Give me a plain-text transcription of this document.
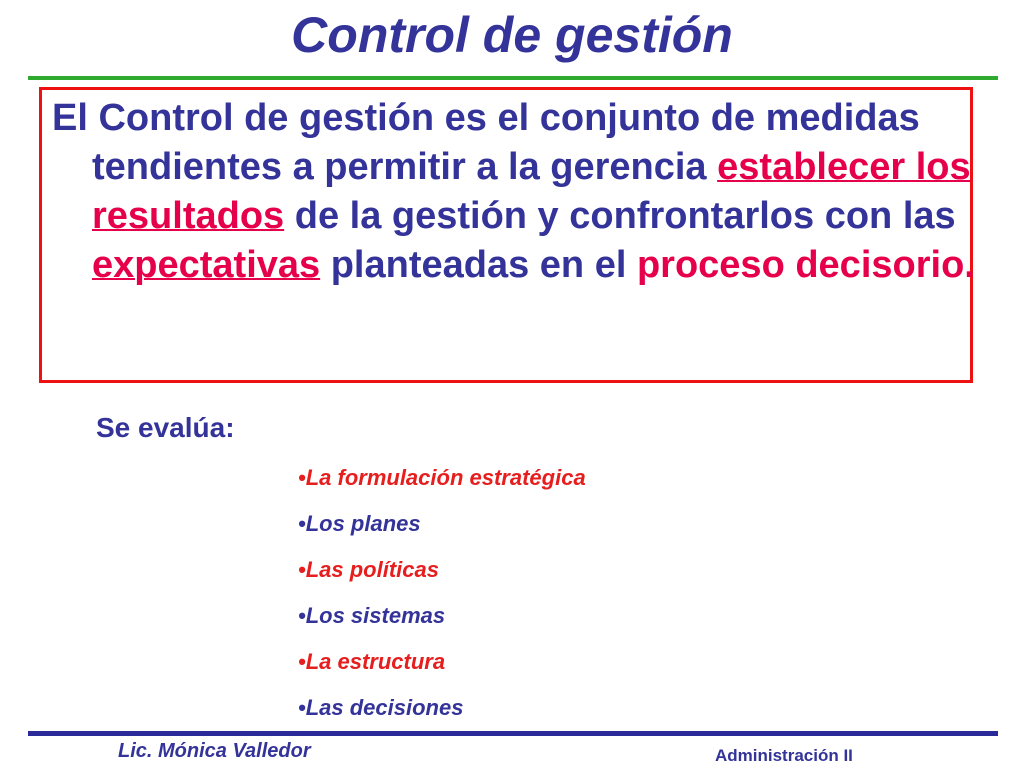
Control de gestión

El Control de gestión es el conjunto de medidas tendientes a permitir a la gerencia establecer los resultados de la gestión y confrontarlos con las expectativas planteadas en el proceso decisorio.

Se evalúa:
•La formulación estratégica
•Los planes
•Las políticas
•Los sistemas
•La estructura
•Las decisiones
Lic. Mónica Valledor	Administración II
